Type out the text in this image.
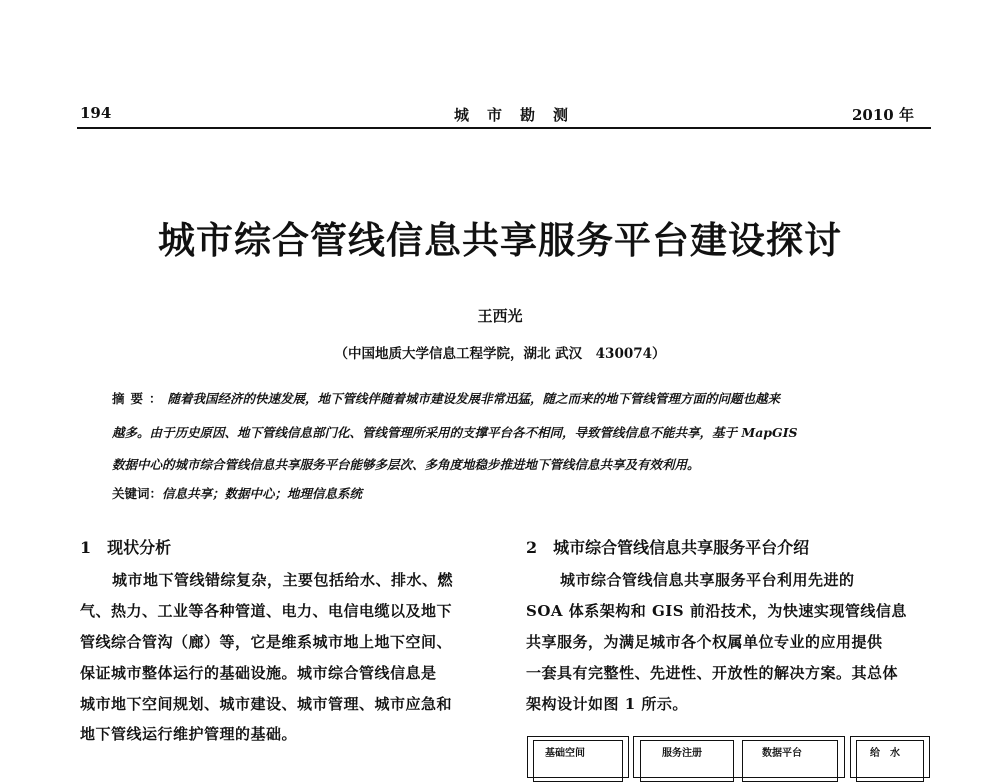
194	城市勘测	2010 年
城市综合管线信息共享服务平台建设探讨
王西光
（中国地质大学信息工程学院，湖北 武汉　430074）
摘要：随着我国经济的快速发展，地下管线伴随着城市建设发展非常迅猛，随之而来的地下管线管理方面的问题也越来
越多。由于历史原因、地下管线信息部门化、管线管理所采用的支撑平台各不相同，导致管线信息不能共享，基于 MapGIS
数据中心的城市综合管线信息共享服务平台能够多层次、多角度地稳步推进地下管线信息共享及有效利用。
关键词：信息共享；数据中心；地理信息系统
1　现状分析
城市地下管线错综复杂，主要包括给水、排水、燃
气、热力、工业等各种管道、电力、电信电缆以及地下
管线综合管沟（廊）等，它是维系城市地上地下空间、
保证城市整体运行的基础设施。城市综合管线信息是
城市地下空间规划、城市建设、城市管理、城市应急和
地下管线运行维护管理的基础。
2　城市综合管线信息共享服务平台介绍
城市综合管线信息共享服务平台利用先进的
SOA 体系架构和 GIS 前沿技术，为快速实现管线信息
共享服务，为满足城市各个权属单位专业的应用提供
一套具有完整性、先进性、开放性的解决方案。其总体
架构设计如图 1 所示。
基础空间	服务注册	数据平台	给　水
